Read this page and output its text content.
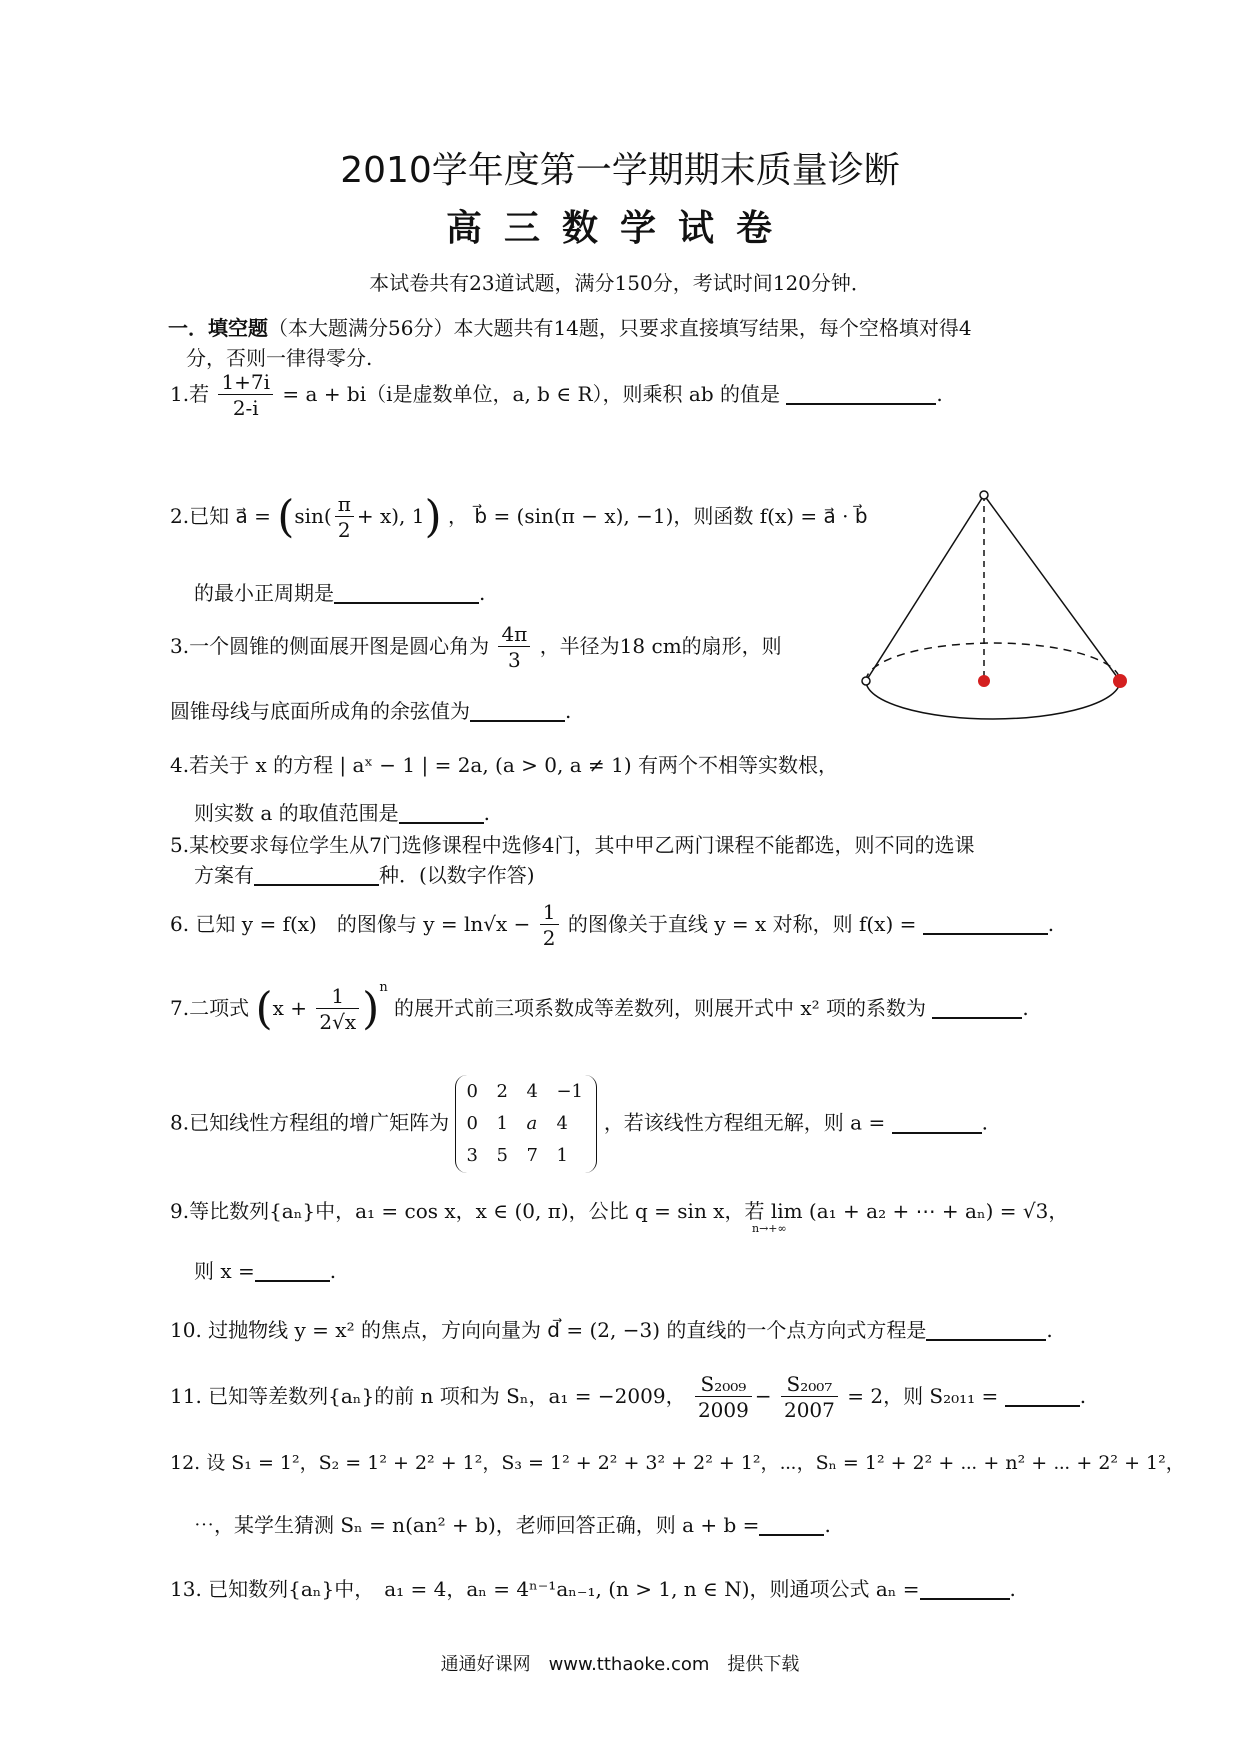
2010学年度第一学期期末质量诊断
高三数学试卷
本试卷共有23道试题，满分150分，考试时间120分钟．
一．填空题（本大题满分56分）本大题共有14题，只要求直接填写结果，每个空格填对得4
分，否则一律得零分.
1.若 $\frac{1+7i}{2-i} = a + bi(i$是虚数单位，a, b ∈ R），则乘积 ab 的值是	.
2.已知 a⃗ = ($\sin( \frac{\pi}{2} + x)$, 1) ， b⃗ = (sin(π − x), −1)，则函数 f(x) = a⃗ · b⃗
的最小正周期是	.
3.一个圆锥的侧面展开图是圆心角为 $\frac{4\pi}{3}$ ，半径为18 cm的扇形，则
圆锥母线与底面所成角的余弦值为	.
4.若关于 x 的方程 | aˣ − 1 | = 2a, (a > 0, a ≠ 1) 有两个不相等实数根，
则实数 a 的取值范围是	.
5.某校要求每位学生从7门选修课程中选修4门，其中甲乙两门课程不能都选，则不同的选课
方案有	种．(以数字作答)
6. 已知 y = f(x)　的图像与 $y = \ln√x - \frac{1}{2}$ 的图像关于直线 y = x 对称，则 f(x) =	.
7.二项式 $(x + \frac{1}{2√x} )^n$ 的展开式前三项系数成等差数列，则展开式中 x² 项的系数为	.
8.已知线性方程组的增广矩阵为
0	2	4	−1
0	1	a	4
3	5	7	1
，若该线性方程组无解，则 a =	.
9.等比数列{aₙ}中，a₁ = cos x，x ∈ (0, π)，公比 q = sin x，若 lim (a₁ + a₂ + ⋯ + aₙ) = √3，
n→+∞
则 x =	.
10. 过抛物线 y = x² 的焦点，方向向量为 d⃗ = (2, −3) 的直线的一个点方向式方程是	.
11. 已知等差数列{aₙ}的前 n 项和为 Sₙ，a₁ = −2009， $\frac{\text{S₂₀₀₉}}{2009} - \frac{\text{S₂₀₀₇}}{2007} = 2$，则 S₂₀₁₁ =	.
12. 设 S₁ = 1²，S₂ = 1² + 2² + 1²，S₃ = 1² + 2² + 3² + 2² + 1²，⋯，Sₙ = 1² + 2² + ⋯ + n² + ⋯ + 2² + 1²，
⋯，某学生猜测 Sₙ = n(an² + b)，老师回答正确，则 a + b =	.
13. 已知数列{aₙ}中，　a₁ = 4，aₙ = 4ⁿ⁻¹aₙ₋₁, (n > 1, n ∈ N)，则通项公式 aₙ =	.
通通好课网　www.tthaoke.com　提供下载
